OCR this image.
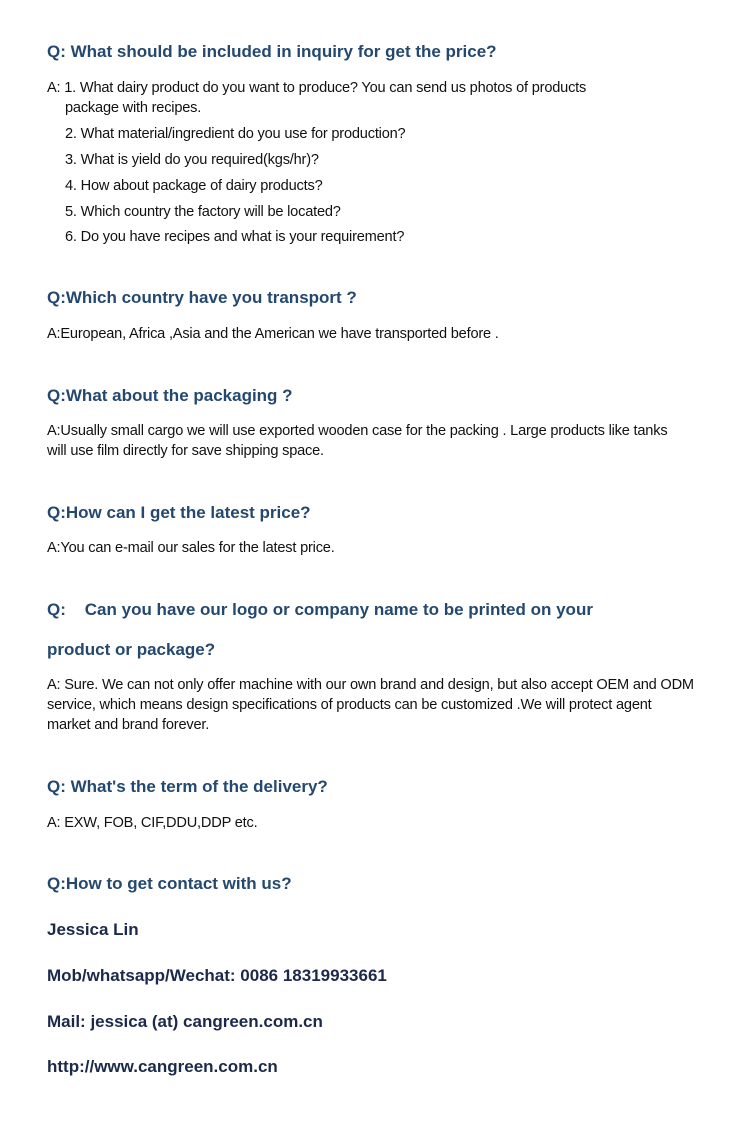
Q: What should be included in inquiry for get the price?

A: 1. What dairy product do you want to produce? You can send us photos of products

package with recipes.

2. What material/ingredient do you use for production?

3. What is yield do you required(kgs/hr)?

4. How about package of dairy products?

5. Which country the factory will be located?

6. Do you have recipes and what is your requirement?

Q:Which country have you transport ?

A:European, Africa ,Asia and the American we have transported before .

Q:What about the packaging ?

A:Usually small cargo we will use exported wooden case for the packing . Large products like tanks will use film directly for save shipping space.

Q:How can I get the latest price?

A:You can e-mail our sales for the latest price.

Q:    Can you have our logo or company name to be printed on your

product or package?

A: Sure. We can not only offer machine with our own brand and design, but also accept OEM and ODM service, which means design specifications of products can be customized .We will protect agent market and brand forever.

Q: What's the term of the delivery?

A: EXW, FOB, CIF,DDU,DDP etc.

Q:How to get contact with us?

Jessica Lin

Mob/whatsapp/Wechat: 0086 18319933661

Mail: jessica (at) cangreen.com.cn

http://www.cangreen.com.cn
